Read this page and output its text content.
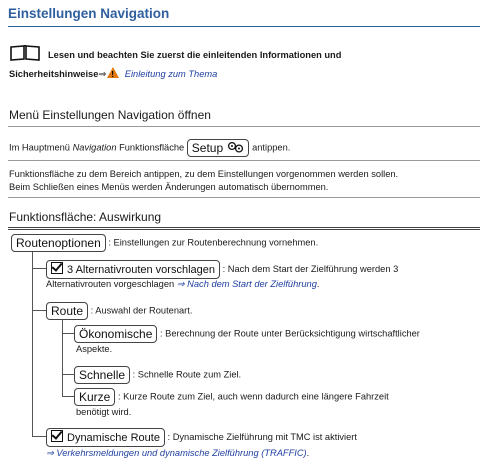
Einstellungen Navigation
Lesen und beachten Sie zuerst die einleitenden Informationen und
Sicherheitshinweise⇒ ! Einleitung zum Thema
Menü Einstellungen Navigation öffnen
Im Hauptmenü Navigation Funktionsfläche Setup	antippen.
Funktionsfläche zu dem Bereich antippen, zu dem Einstellungen vorgenommen werden sollen.
Beim Schließen eines Menüs werden Änderungen automatisch übernommen.
Funktionsfläche: Auswirkung
Routenoptionen : Einstellungen zur Routenberechnung vornehmen.
3 Alternativrouten vorschlagen : Nach dem Start der Zielführung werden 3
Alternativrouten vorgeschlagen ⇒ Nach dem Start der Zielführung.
Route : Auswahl der Routenart.
Ökonomische : Berechnung der Route unter Berücksichtigung wirtschaftlicher
Aspekte.
Schnelle : Schnelle Route zum Ziel.
Kurze : Kurze Route zum Ziel, auch wenn dadurch eine längere Fahrzeit
benötigt wird.
Dynamische Route : Dynamische Zielführung mit TMC ist aktiviert
⇒ Verkehrsmeldungen und dynamische Zielführung (TRAFFIC).
